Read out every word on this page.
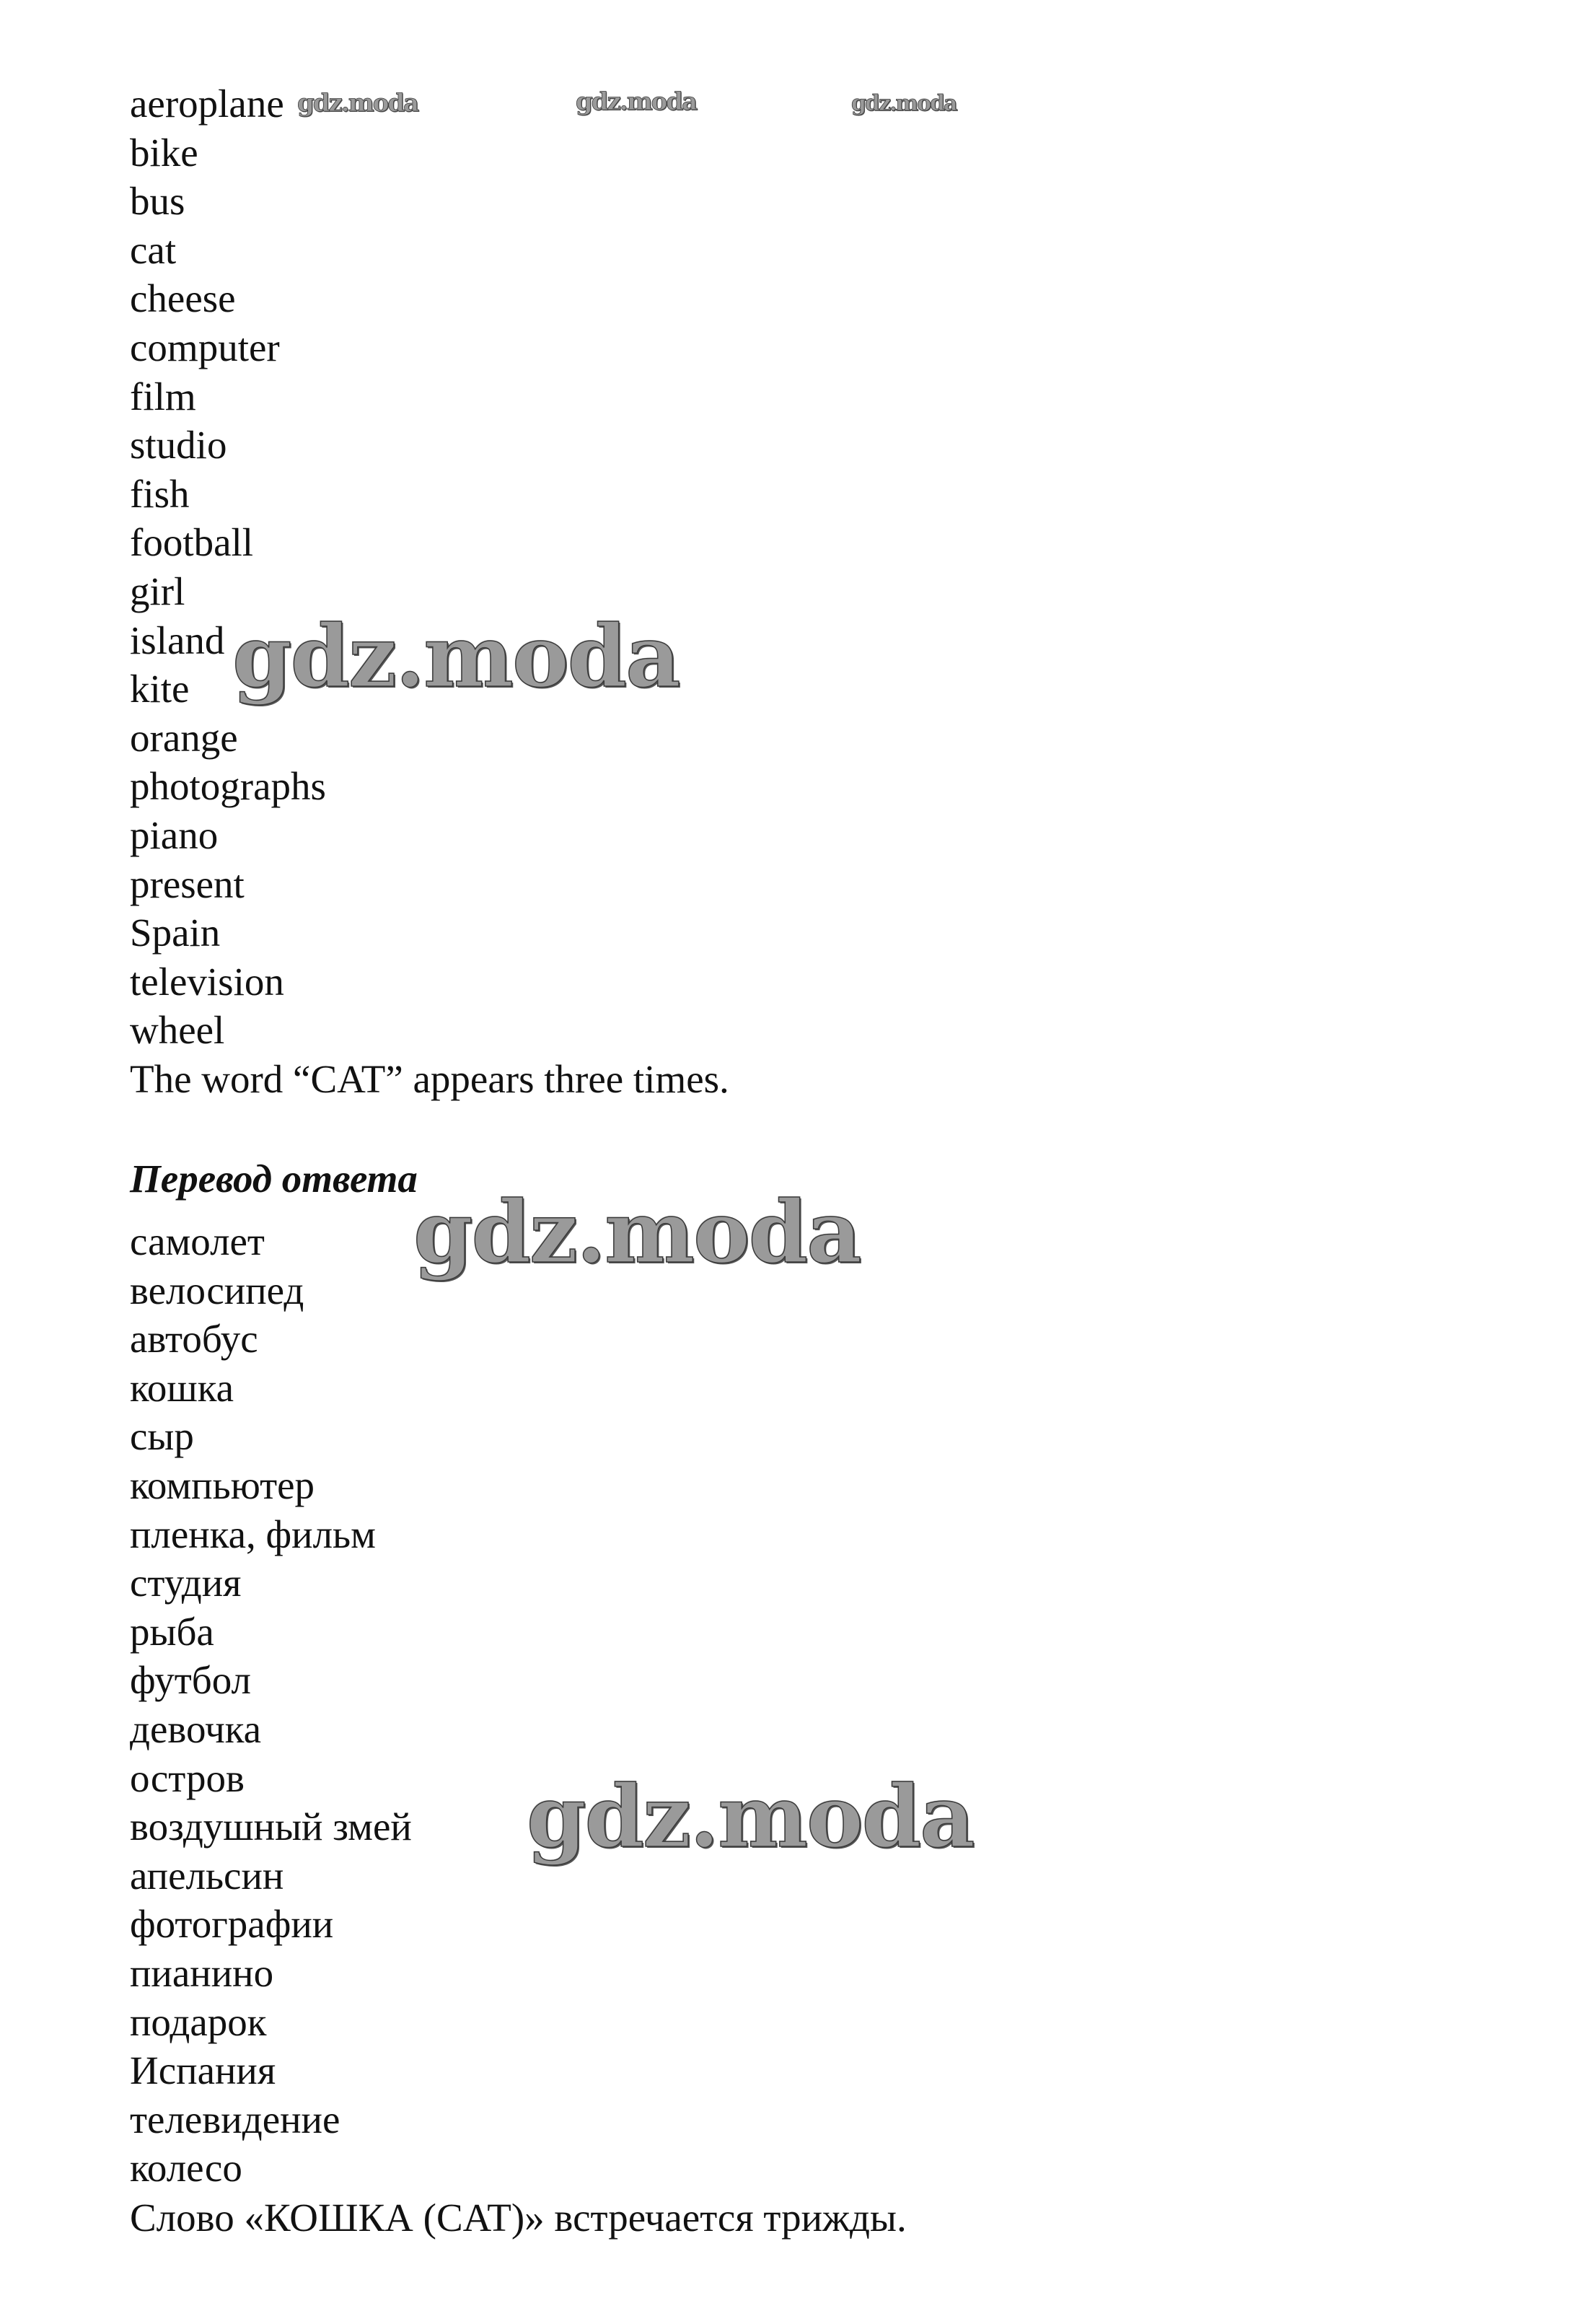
aeroplane
bike
bus
cat
cheese
computer
film
studio
fish
football
girl
island
kite
orange
photographs
piano
present
Spain
television
wheel
The word “CAT” appears three times.
Перевод ответа
самолет
велосипед
автобус
кошка
сыр
компьютер
пленка, фильм
студия
рыба
футбол
девочка
остров
воздушный змей
апельсин
фотографии
пианино
подарок
Испания
телевидение
колесо
Слово «КОШКА (CAT)» встречается трижды.
gdz.moda	gdz.moda	gdz.moda
gdz.moda
gdz.moda
gdz.moda
